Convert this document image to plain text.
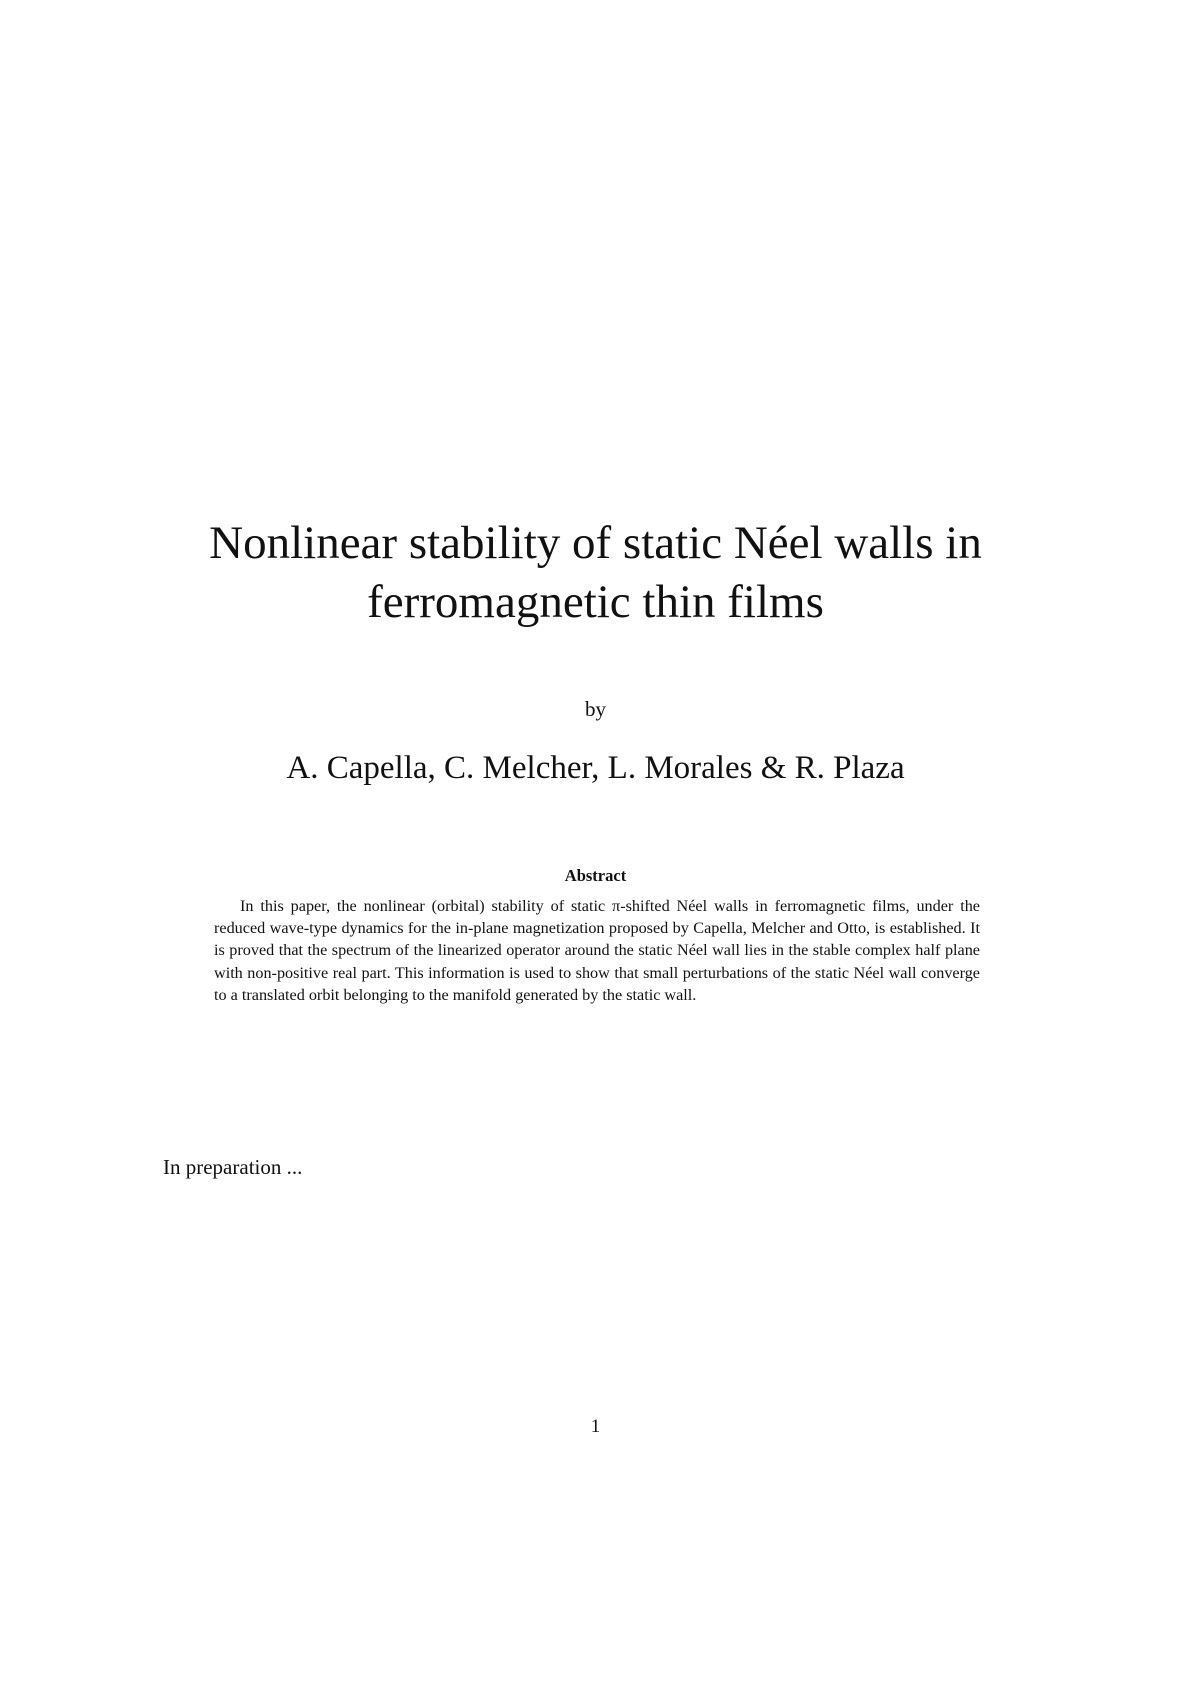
Nonlinear stability of static Néel walls in
ferromagnetic thin films
by
A. Capella, C. Melcher, L. Morales & R. Plaza
Abstract

In this paper, the nonlinear (orbital) stability of static π-shifted Néel walls in ferromagnetic films, under the reduced wave-type dynamics for the in-plane magnetization proposed by Capella, Melcher and Otto, is established. It is proved that the spectrum of the linearized operator around the static Néel wall lies in the stable complex half plane with non-positive real part. This information is used to show that small perturbations of the static Néel wall converge to a translated orbit belonging to the manifold generated by the static wall.

In preparation ...
1
